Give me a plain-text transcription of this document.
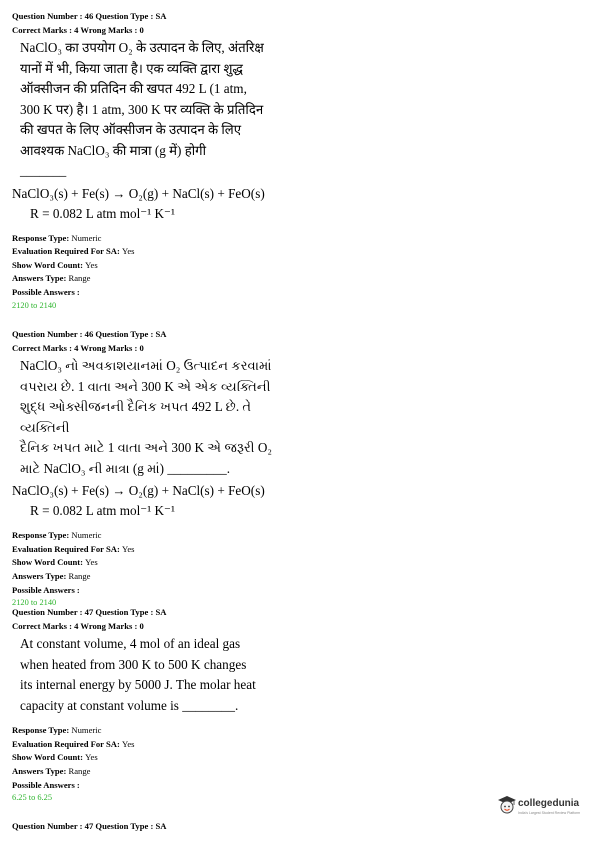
Question Number : 46 Question Type : SA
Correct Marks : 4 Wrong Marks : 0
NaClO₃ का उपयोग O₂ के उत्पादन के लिए, अंतरिक्ष
यानों में भी, किया जाता है। एक व्यक्ति द्वारा शुद्ध
ऑक्सीजन की प्रतिदिन की खपत 492 L (1 atm,
300 K पर) है। 1 atm, 300 K पर व्यक्ति के प्रतिदिन
की खपत के लिए ऑक्सीजन के उत्पादन के लिए
आवश्यक NaClO₃ की मात्रा (g में) होगी
_______
NaClO₃(s) + Fe(s) → O₂(g) + NaCl(s) + FeO(s)
R = 0.082 L atm mol⁻¹ K⁻¹
Response Type: Numeric
Evaluation Required For SA: Yes
Show Word Count: Yes
Answers Type: Range
Possible Answers :
2120 to 2140
Question Number : 46 Question Type : SA
Correct Marks : 4 Wrong Marks : 0
NaClO₃ નો અવકાશયાનમાં O₂ ઉત્પાદન કરવામાં
વપરાય છે. 1 વાતા અને 300 K એ એક વ્યક્તિની
શુદ્ધ ઓક્સીજનની દૈનિક ખપત 492 L છે. તે વ્યક્તિની
દૈનિક ખપત માટે 1 વાતા અને 300 K એ જરૂરી O₂
માટે NaClO₃ ની માત્રા (g માં) _________.
NaClO₃(s) + Fe(s) → O₂(g) + NaCl(s) + FeO(s)
R = 0.082 L atm mol⁻¹ K⁻¹
Response Type: Numeric
Evaluation Required For SA: Yes
Show Word Count: Yes
Answers Type: Range
Possible Answers :
2120 to 2140
Question Number : 47 Question Type : SA
Correct Marks : 4 Wrong Marks : 0
At constant volume, 4 mol of an ideal gas
when heated from 300 K to 500 K changes
its internal energy by 5000 J. The molar heat
capacity at constant volume is ________.
Response Type: Numeric
Evaluation Required For SA: Yes
Show Word Count: Yes
Answers Type: Range
Possible Answers :
6.25 to 6.25
Question Number : 47 Question Type : SA
collegedunia
India's Largest Student Review Platform
